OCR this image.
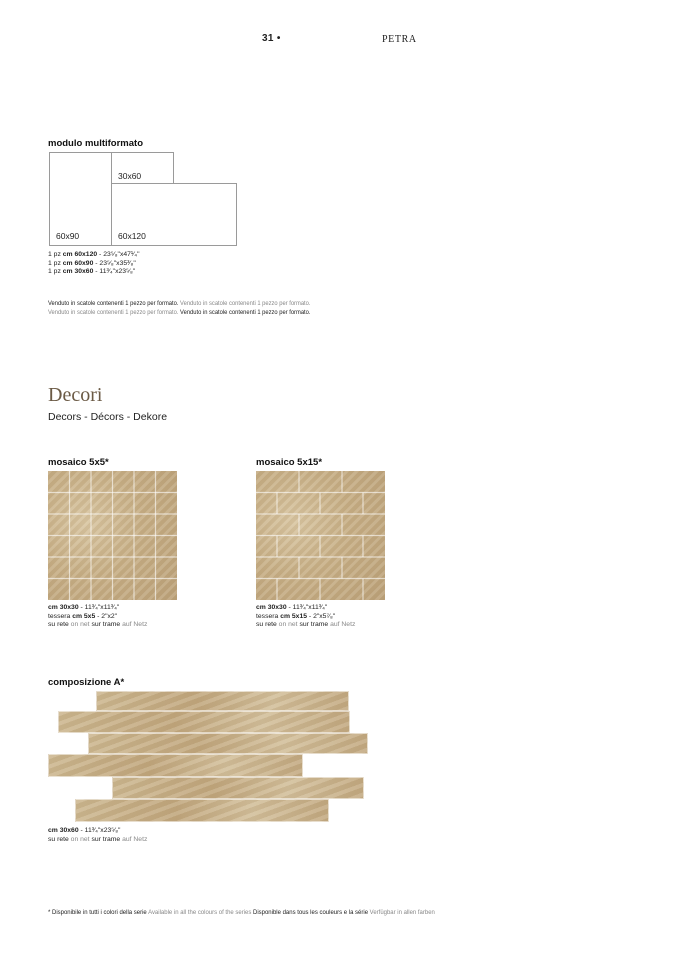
31 •	PETRA
modulo multiformato
60x90
30x60
60x120
1 pz cm 60x120 - 23⁵⁄₈"x47¹⁄₄"
1 pz cm 60x90 - 23⁵⁄₈"x35³⁄₈"
1 pz cm 30x60 - 11³⁄₄"x23⁵⁄₈"
Venduto in scatole contenenti 1 pezzo per formato. Venduto in scatole contenenti 1 pezzo per formato.
Venduto in scatole contenenti 1 pezzo per formato. Venduto in scatole contenenti 1 pezzo per formato.
Decori
Decors - Décors - Dekore
mosaico 5x5*
cm 30x30 - 11³⁄₄"x11³⁄₄"
tessera cm 5x5 - 2"x2"
su rete on net sur trame auf Netz
mosaico 5x15*
cm 30x30 - 11³⁄₄"x11³⁄₄"
tessera cm 5x15 - 2"x5⁷⁄₈"
su rete on net sur trame auf Netz
composizione A*
cm 30x60 - 11³⁄₄"x23⁵⁄₈"
su rete on net sur trame auf Netz
* Disponibile in tutti i colori della serie Available in all the colours of the series Disponible dans tous les couleurs e la série Verfügbar in allen farben
